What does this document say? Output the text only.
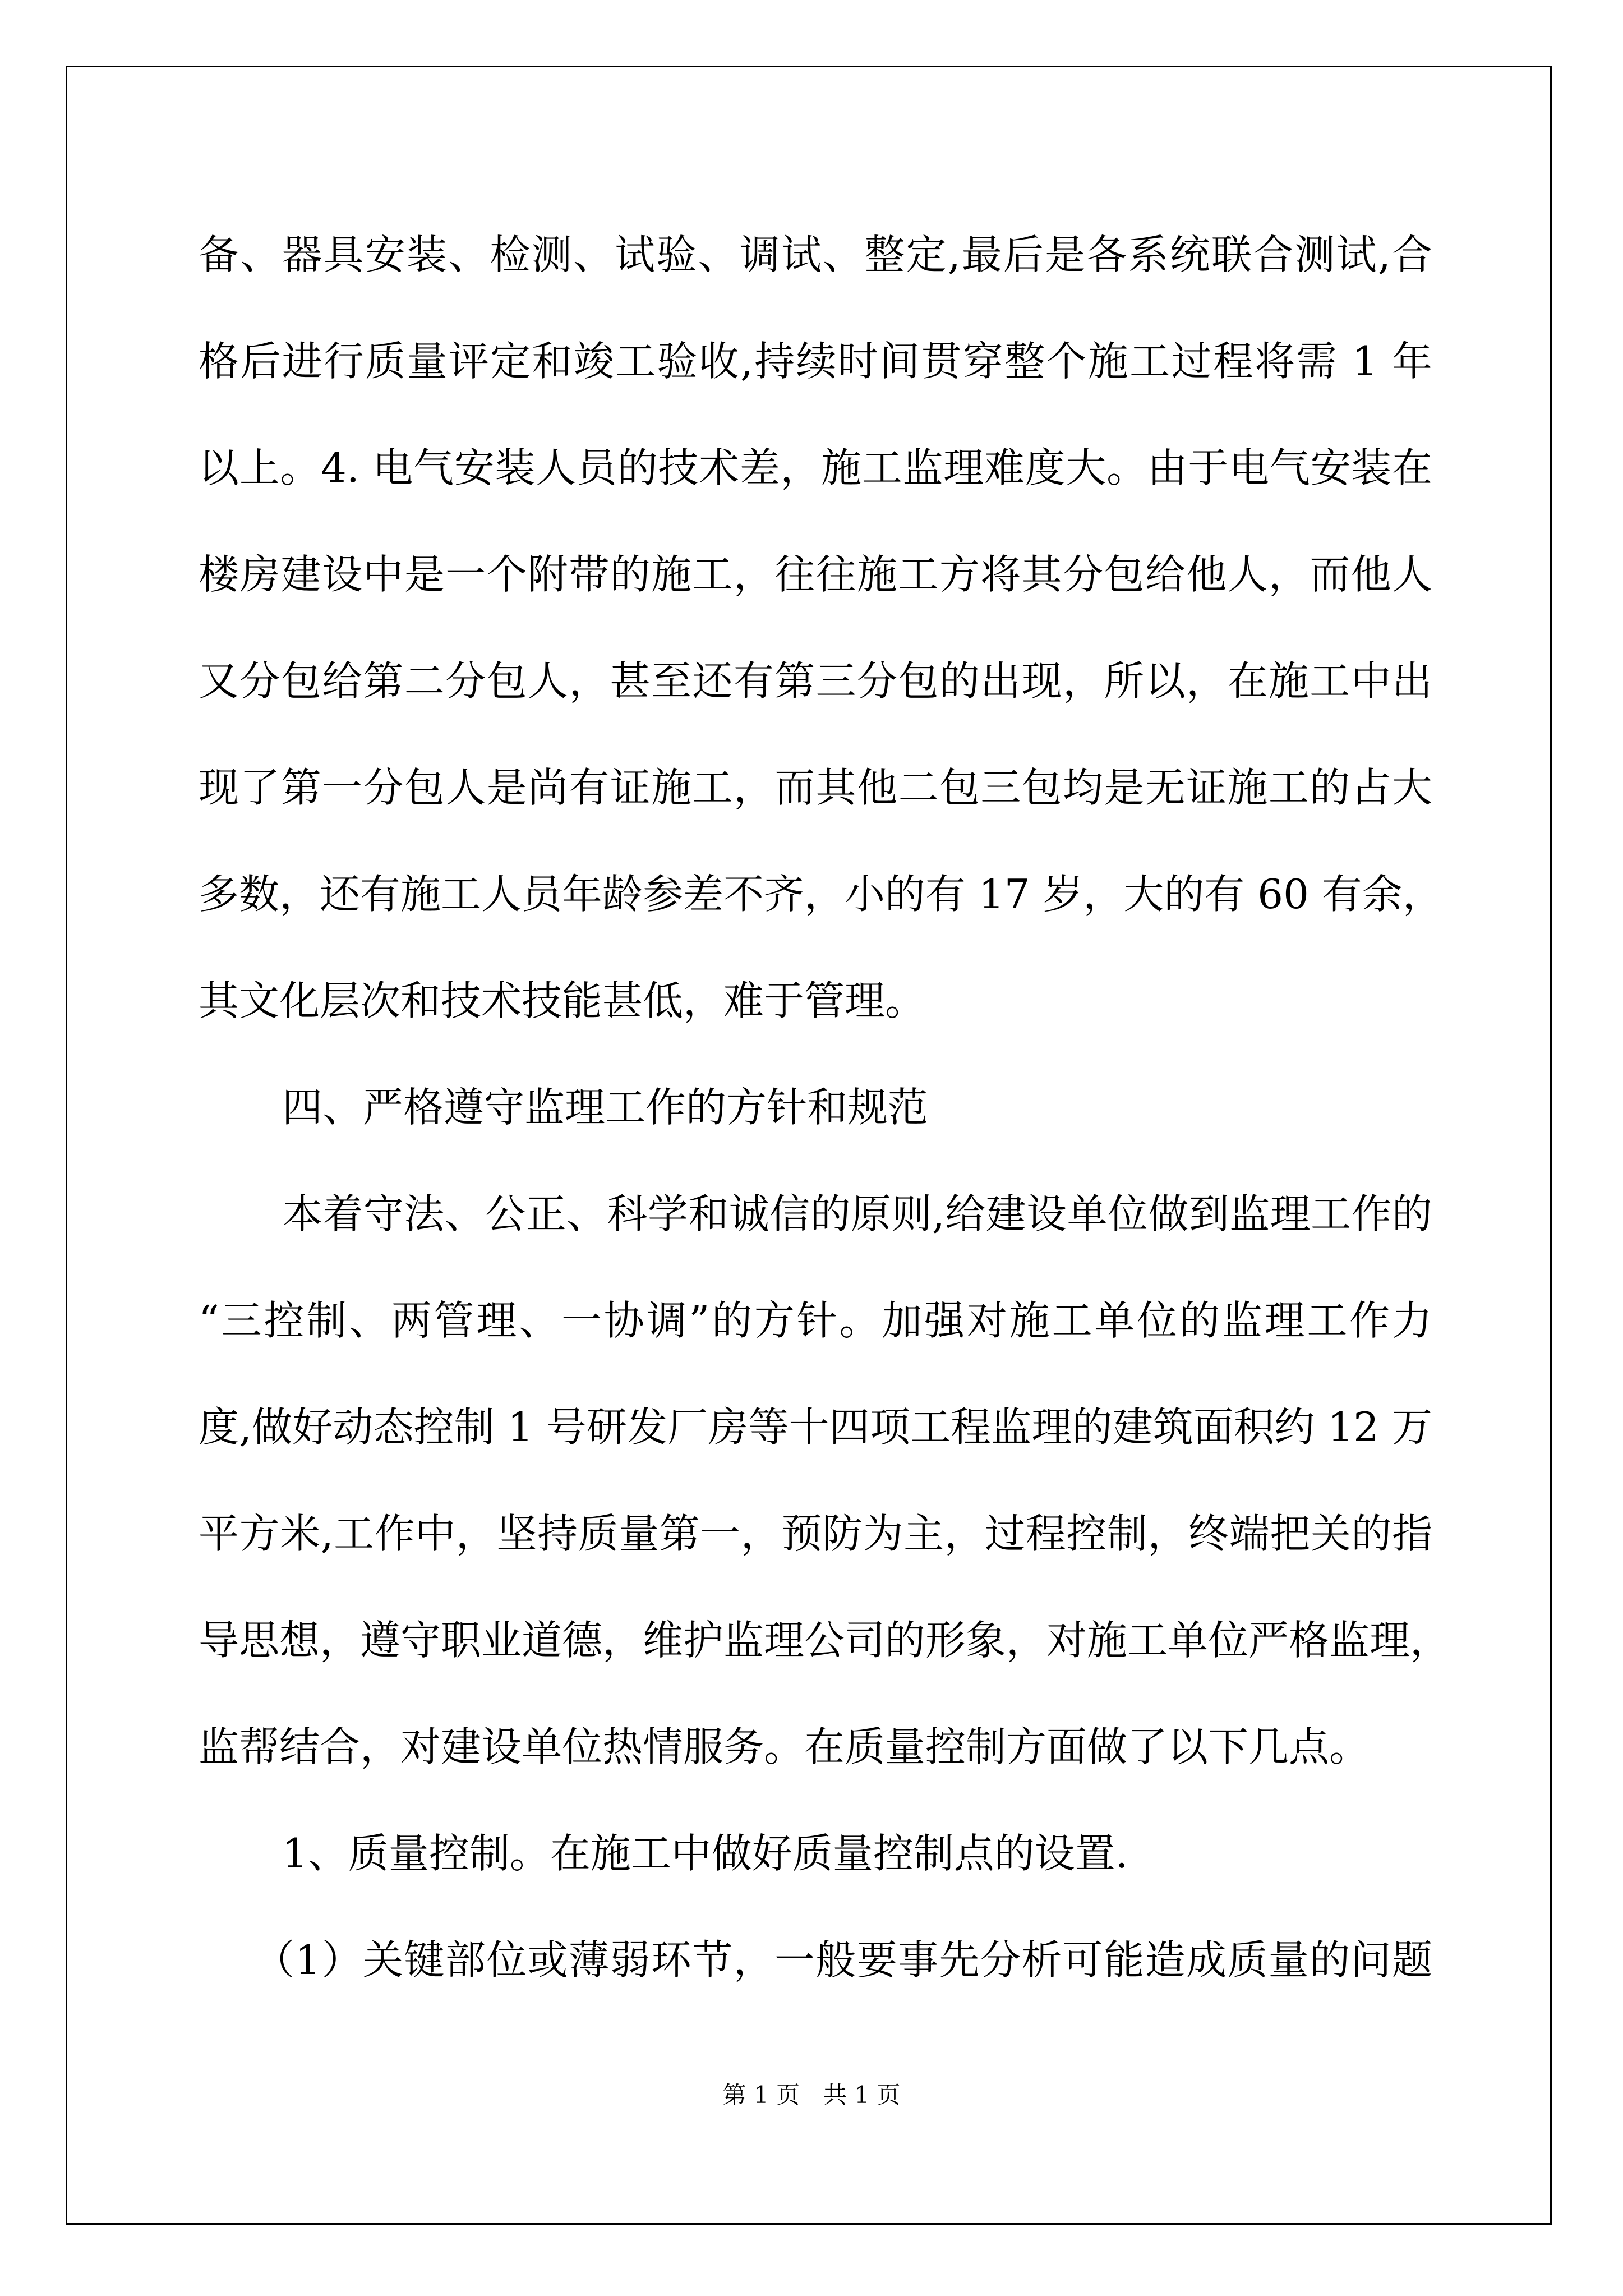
备、器具安装、检测、试验、调试、整定,最后是各系统联合测试,合
格后进行质量评定和竣工验收,持续时间贯穿整个施工过程将需 1 年
以上。4. 电气安装人员的技术差，施工监理难度大。由于电气安装在
楼房建设中是一个附带的施工，往往施工方将其分包给他人，而他人
又分包给第二分包人，甚至还有第三分包的出现，所以，在施工中出
现了第一分包人是尚有证施工，而其他二包三包均是无证施工的占大
多数，还有施工人员年龄参差不齐，小的有 17 岁，大的有 60 有余，
其文化层次和技术技能甚低，难于管理。
四、严格遵守监理工作的方针和规范
本着守法、公正、科学和诚信的原则,给建设单位做到监理工作的
“三控制、两管理、一协调”的方针。加强对施工单位的监理工作力
度,做好动态控制 1 号研发厂房等十四项工程监理的建筑面积约 12 万
平方米,工作中，坚持质量第一，预防为主，过程控制，终端把关的指
导思想，遵守职业道德，维护监理公司的形象，对施工单位严格监理，
监帮结合，对建设单位热情服务。在质量控制方面做了以下几点。
1、质量控制。在施工中做好质量控制点的设置.
（1）关键部位或薄弱环节，一般要事先分析可能造成质量的问题
第 1 页　共 1 页
